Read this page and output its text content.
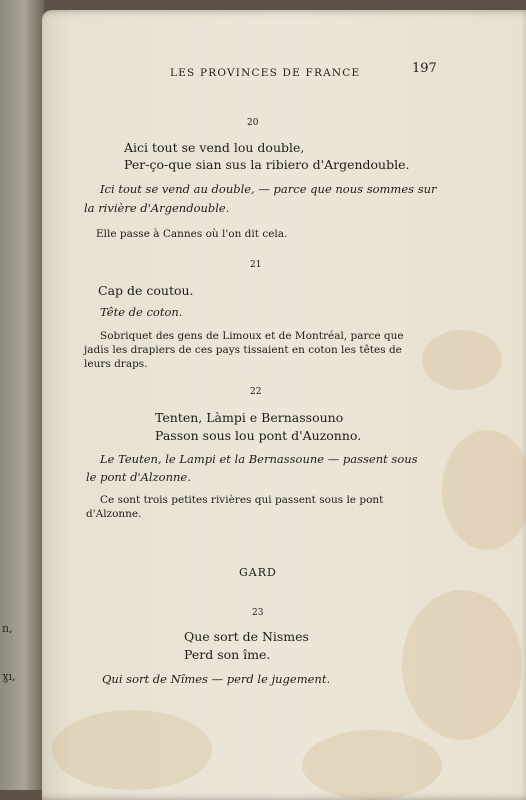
n,
ɣı,
LES PROVINCES DE FRANCE	197
20
Aici tout se vend lou double,
Per-ço-que sian sus la ribiero d'Argendouble.
Ici tout se vend au double, — parce que nous sommes sur
la rivière d'Argendouble.
Elle passe à Cannes où l'on dit cela.
21
Cap de coutou.
Tête de coton.
Sobriquet des gens de Limoux et de Montréal, parce que
jadis les drapiers de ces pays tissaient en coton les têtes de
leurs draps.
22
Tenten, Làmpi e Bernassouno
Passon sous lou pont d'Auzonno.
Le Teuten, le Lampi et la Bernassoune — passent sous
le pont d'Alzonne.
Ce sont trois petites rivières qui passent sous le pont
d'Alzonne.
GARD
23
Que sort de Nismes
Perd son îme.
Qui sort de Nîmes — perd le jugement.
